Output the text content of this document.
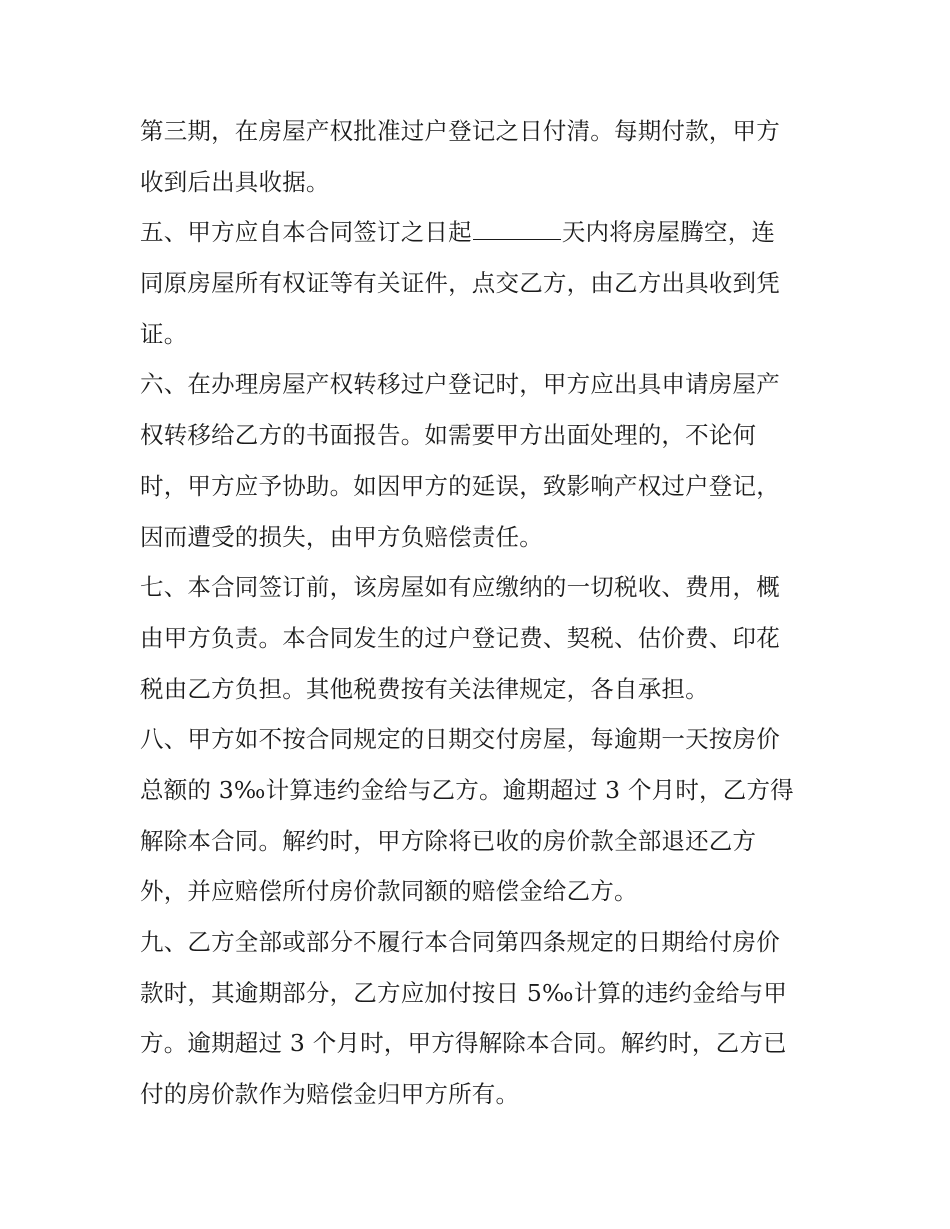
第三期，在房屋产权批准过户登记之日付清。每期付款，甲方
收到后出具收据。
五、甲方应自本合同签订之日起	天内将房屋腾空，连
同原房屋所有权证等有关证件，点交乙方，由乙方出具收到凭
证。
六、在办理房屋产权转移过户登记时，甲方应出具申请房屋产
权转移给乙方的书面报告。如需要甲方出面处理的，不论何
时，甲方应予协助。如因甲方的延误，致影响产权过户登记，
因而遭受的损失，由甲方负赔偿责任。
七、本合同签订前，该房屋如有应缴纳的一切税收、费用，概
由甲方负责。本合同发生的过户登记费、契税、估价费、印花
税由乙方负担。其他税费按有关法律规定，各自承担。
八、甲方如不按合同规定的日期交付房屋，每逾期一天按房价
总额的 3‰计算违约金给与乙方。逾期超过 3 个月时，乙方得
解除本合同。解约时，甲方除将已收的房价款全部退还乙方
外，并应赔偿所付房价款同额的赔偿金给乙方。
九、乙方全部或部分不履行本合同第四条规定的日期给付房价
款时，其逾期部分，乙方应加付按日 5‰计算的违约金给与甲
方。逾期超过 3 个月时，甲方得解除本合同。解约时，乙方已
付的房价款作为赔偿金归甲方所有。
